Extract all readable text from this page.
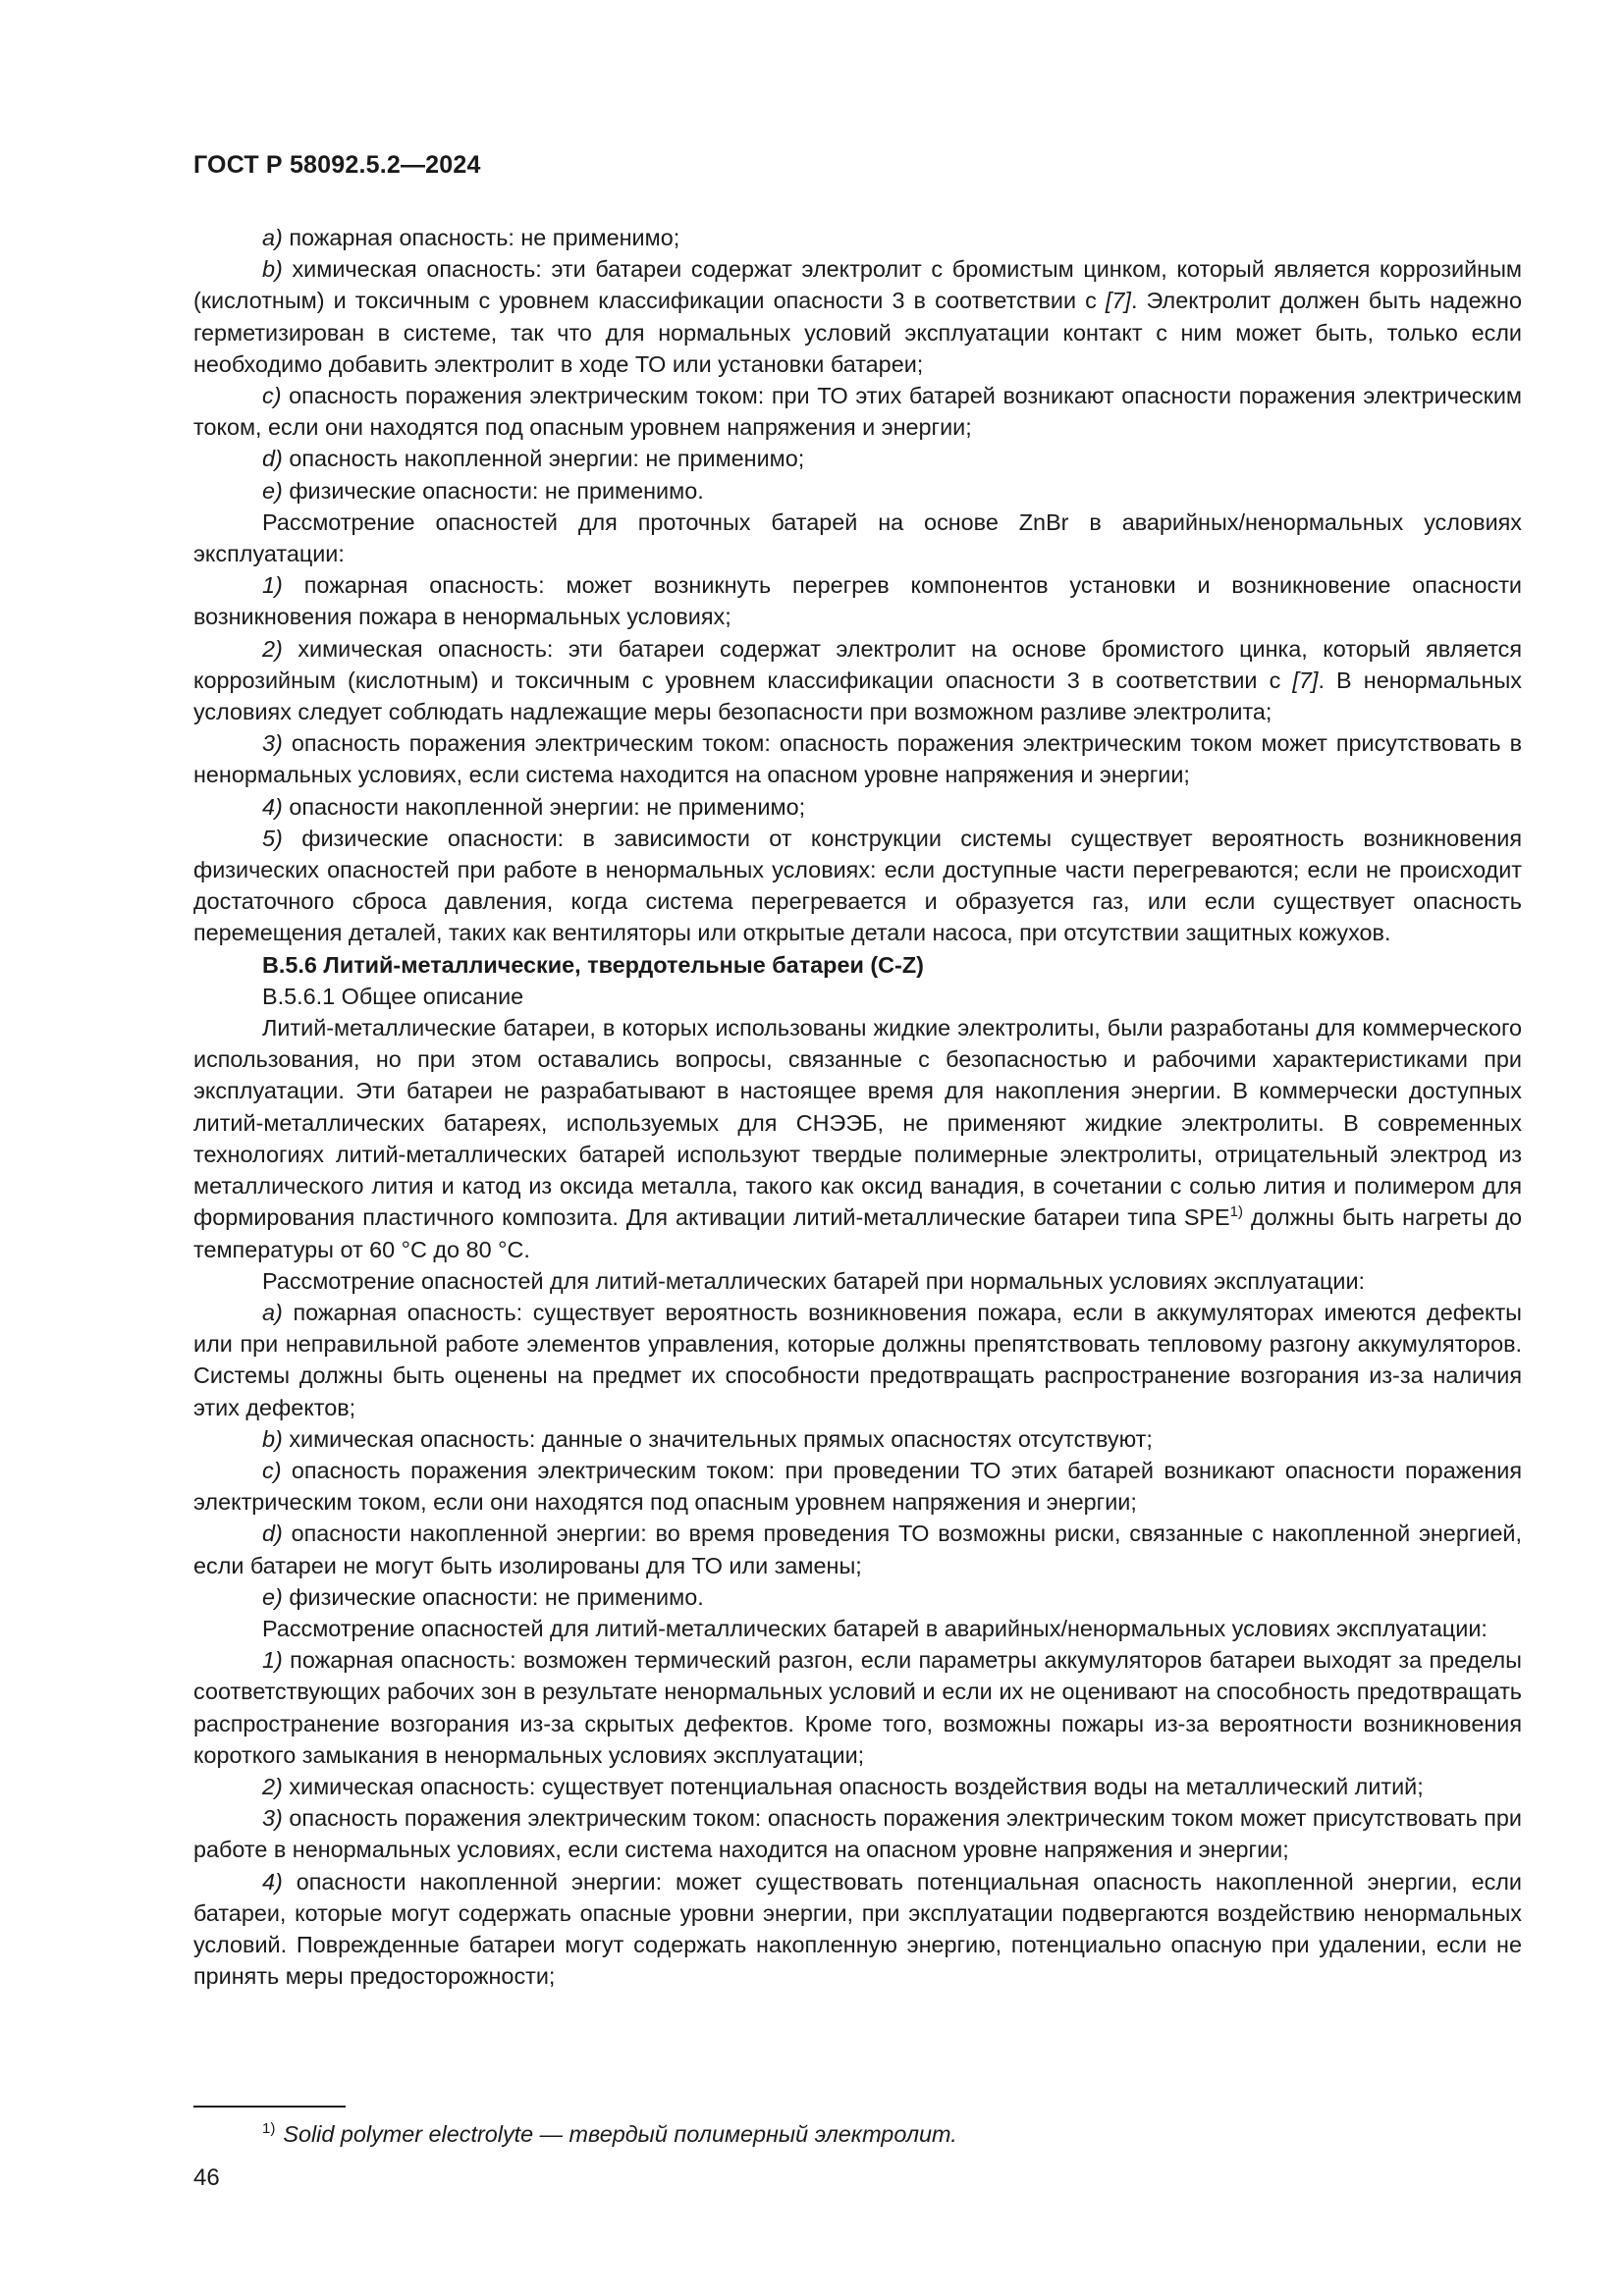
ГОСТ Р 58092.5.2—2024

а) пожарная опасность: не применимо;

b) химическая опасность: эти батареи содержат электролит с бромистым цинком, который является коррозийным (кислотным) и токсичным с уровнем классификации опасности 3 в соответствии с [7]. Электролит должен быть надежно герметизирован в системе, так что для нормальных условий эксплуатации контакт с ним может быть, только если необходимо добавить электролит в ходе ТО или установки батареи;

с) опасность поражения электрическим током: при ТО этих батарей возникают опасности поражения электрическим током, если они находятся под опасным уровнем напряжения и энергии;

d) опасность накопленной энергии: не применимо;

е) физические опасности: не применимо.

Рассмотрение опасностей для проточных батарей на основе ZnBr в аварийных/ненормальных условиях эксплуатации:

1) пожарная опасность: может возникнуть перегрев компонентов установки и возникновение опасности возникновения пожара в ненормальных условиях;

2) химическая опасность: эти батареи содержат электролит на основе бромистого цинка, который является коррозийным (кислотным) и токсичным с уровнем классификации опасности 3 в соответствии с [7]. В ненормальных условиях следует соблюдать надлежащие меры безопасности при возможном разливе электролита;

3) опасность поражения электрическим током: опасность поражения электрическим током может присутствовать в ненормальных условиях, если система находится на опасном уровне напряжения и энергии;

4) опасности накопленной энергии: не применимо;

5) физические опасности: в зависимости от конструкции системы существует вероятность возникновения физических опасностей при работе в ненормальных условиях: если доступные части перегреваются; если не происходит достаточного сброса давления, когда система перегревается и образуется газ, или если существует опасность перемещения деталей, таких как вентиляторы или открытые детали насоса, при отсутствии защитных кожухов.

В.5.6 Литий-металлические, твердотельные батареи (C-Z)

В.5.6.1 Общее описание

Литий-металлические батареи, в которых использованы жидкие электролиты, были разработаны для коммерческого использования, но при этом оставались вопросы, связанные с безопасностью и рабочими характеристиками при эксплуатации. Эти батареи не разрабатывают в настоящее время для накопления энергии. В коммерчески доступных литий-металлических батареях, используемых для СНЭЭБ, не применяют жидкие электролиты. В современных технологиях литий-металлических батарей используют твердые полимерные электролиты, отрицательный электрод из металлического лития и катод из оксида металла, такого как оксид ванадия, в сочетании с солью лития и полимером для формирования пластичного композита. Для активации литий-металлические батареи типа SPE$^{1)}$ должны быть нагреты до температуры от 60 °С до 80 °С.

Рассмотрение опасностей для литий-металлических батарей при нормальных условиях эксплуатации:

а) пожарная опасность: существует вероятность возникновения пожара, если в аккумуляторах имеются дефекты или при неправильной работе элементов управления, которые должны препятствовать тепловому разгону аккумуляторов. Системы должны быть оценены на предмет их способности предотвращать распространение возгорания из-за наличия этих дефектов;

b) химическая опасность: данные о значительных прямых опасностях отсутствуют;

с) опасность поражения электрическим током: при проведении ТО этих батарей возникают опасности поражения электрическим током, если они находятся под опасным уровнем напряжения и энергии;

d) опасности накопленной энергии: во время проведения ТО возможны риски, связанные с накопленной энергией, если батареи не могут быть изолированы для ТО или замены;

е) физические опасности: не применимо.

Рассмотрение опасностей для литий-металлических батарей в аварийных/ненормальных условиях эксплуатации:

1) пожарная опасность: возможен термический разгон, если параметры аккумуляторов батареи выходят за пределы соответствующих рабочих зон в результате ненормальных условий и если их не оценивают на способность предотвращать распространение возгорания из-за скрытых дефектов. Кроме того, возможны пожары из-за вероятности возникновения короткого замыкания в ненормальных условиях эксплуатации;

2) химическая опасность: существует потенциальная опасность воздействия воды на металлический литий;

3) опасность поражения электрическим током: опасность поражения электрическим током может присутствовать при работе в ненормальных условиях, если система находится на опасном уровне напряжения и энергии;

4) опасности накопленной энергии: может существовать потенциальная опасность накопленной энергии, если батареи, которые могут содержать опасные уровни энергии, при эксплуатации подвергаются воздействию ненормальных условий. Поврежденные батареи могут содержать накопленную энергию, потенциально опасную при удалении, если не принять меры предосторожности;

$^{1)}$ Solid polymer electrolyte — твердый полимерный электролит.
46
